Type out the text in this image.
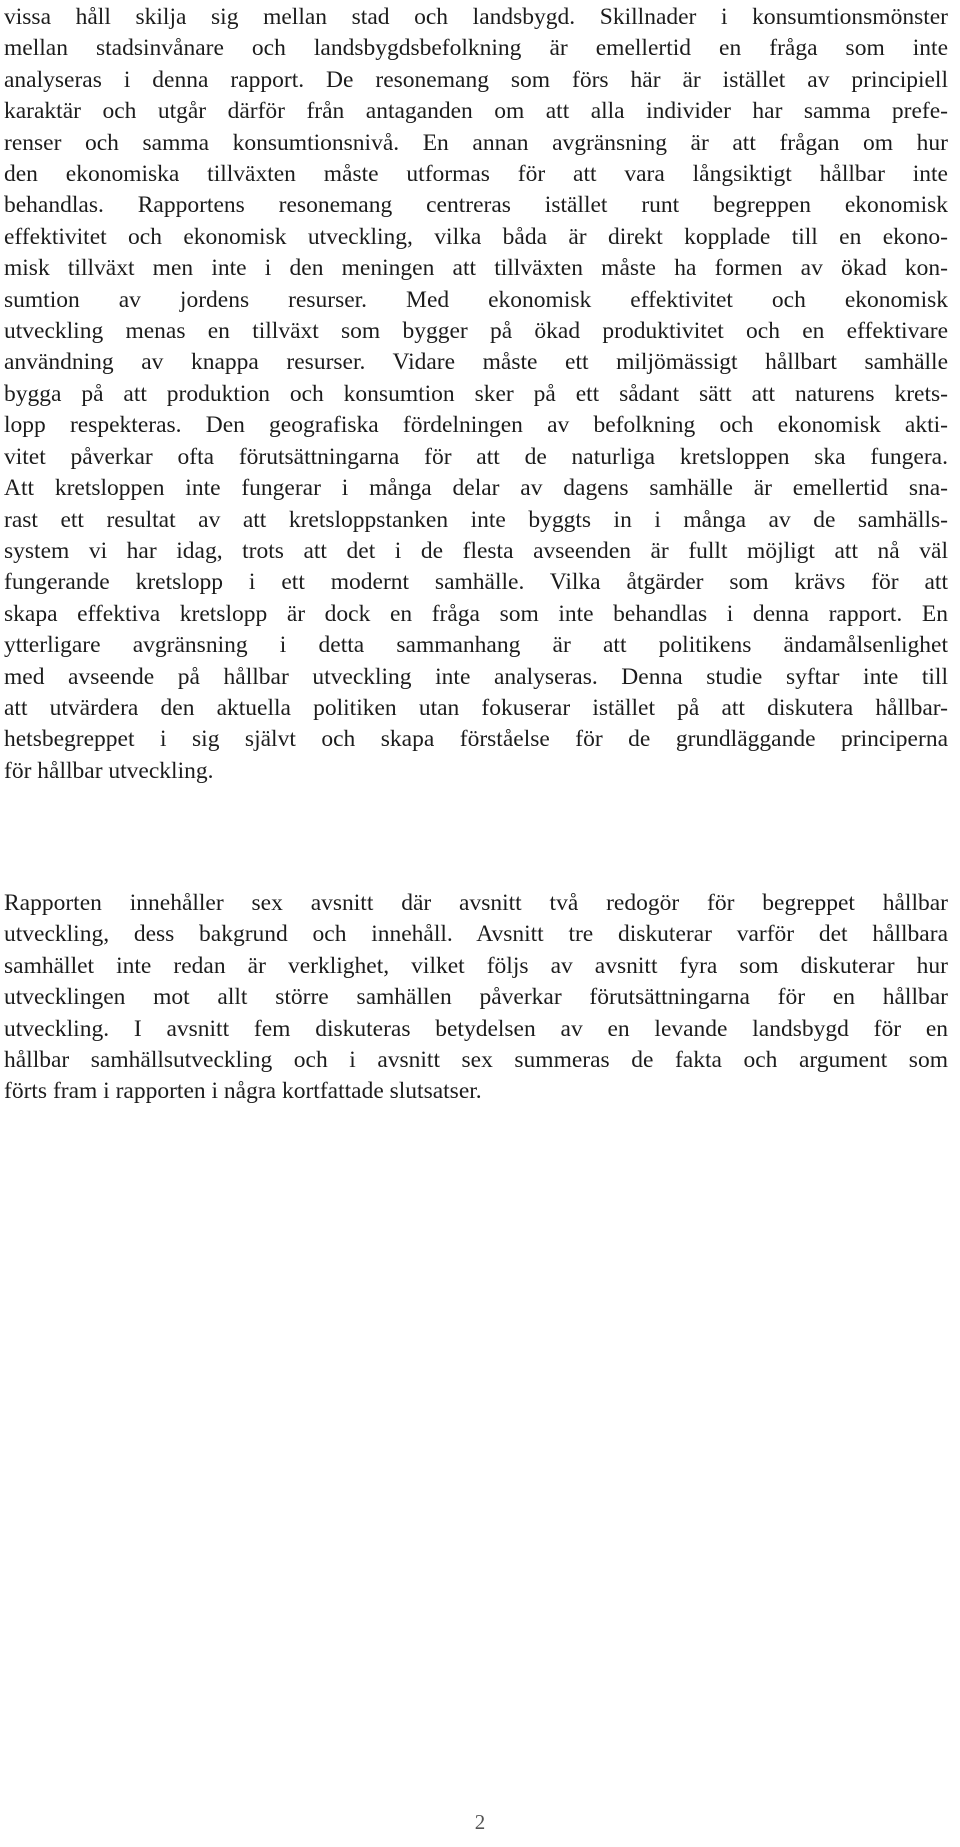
vissa håll skilja sig mellan stad och landsbygd. Skillnader i konsumtionsmönster
mellan stadsinvånare och landsbygdsbefolkning är emellertid en fråga som inte
analyseras i denna rapport. De resonemang som förs här är istället av principiell
karaktär och utgår därför från antaganden om att alla individer har samma prefe-
renser och samma konsumtionsnivå. En annan avgränsning är att frågan om hur
den ekonomiska tillväxten måste utformas för att vara långsiktigt hållbar inte
behandlas. Rapportens resonemang centreras istället runt begreppen ekonomisk
effektivitet och ekonomisk utveckling, vilka båda är direkt kopplade till en ekono-
misk tillväxt men inte i den meningen att tillväxten måste ha formen av ökad kon-
sumtion av jordens resurser. Med ekonomisk effektivitet och ekonomisk
utveckling menas en tillväxt som bygger på ökad produktivitet och en effektivare
användning av knappa resurser. Vidare måste ett miljömässigt hållbart samhälle
bygga på att produktion och konsumtion sker på ett sådant sätt att naturens krets-
lopp respekteras. Den geografiska fördelningen av befolkning och ekonomisk akti-
vitet påverkar ofta förutsättningarna för att de naturliga kretsloppen ska fungera.
Att kretsloppen inte fungerar i många delar av dagens samhälle är emellertid sna-
rast ett resultat av att kretsloppstanken inte byggts in i många av de samhälls-
system vi har idag, trots att det i de flesta avseenden är fullt möjligt att nå väl
fungerande kretslopp i ett modernt samhälle. Vilka åtgärder som krävs för att
skapa effektiva kretslopp är dock en fråga som inte behandlas i denna rapport. En
ytterligare avgränsning i detta sammanhang är att politikens ändamålsenlighet
med avseende på hållbar utveckling inte analyseras. Denna studie syftar inte till
att utvärdera den aktuella politiken utan fokuserar istället på att diskutera hållbar-
hetsbegreppet i sig självt och skapa förståelse för de grundläggande principerna
för hållbar utveckling.
Rapporten innehåller sex avsnitt där avsnitt två redogör för begreppet hållbar
utveckling, dess bakgrund och innehåll. Avsnitt tre diskuterar varför det hållbara
samhället inte redan är verklighet, vilket följs av avsnitt fyra som diskuterar hur
utvecklingen mot allt större samhällen påverkar förutsättningarna för en hållbar
utveckling. I avsnitt fem diskuteras betydelsen av en levande landsbygd för en
hållbar samhällsutveckling och i avsnitt sex summeras de fakta och argument som
förts fram i rapporten i några kortfattade slutsatser.
2
